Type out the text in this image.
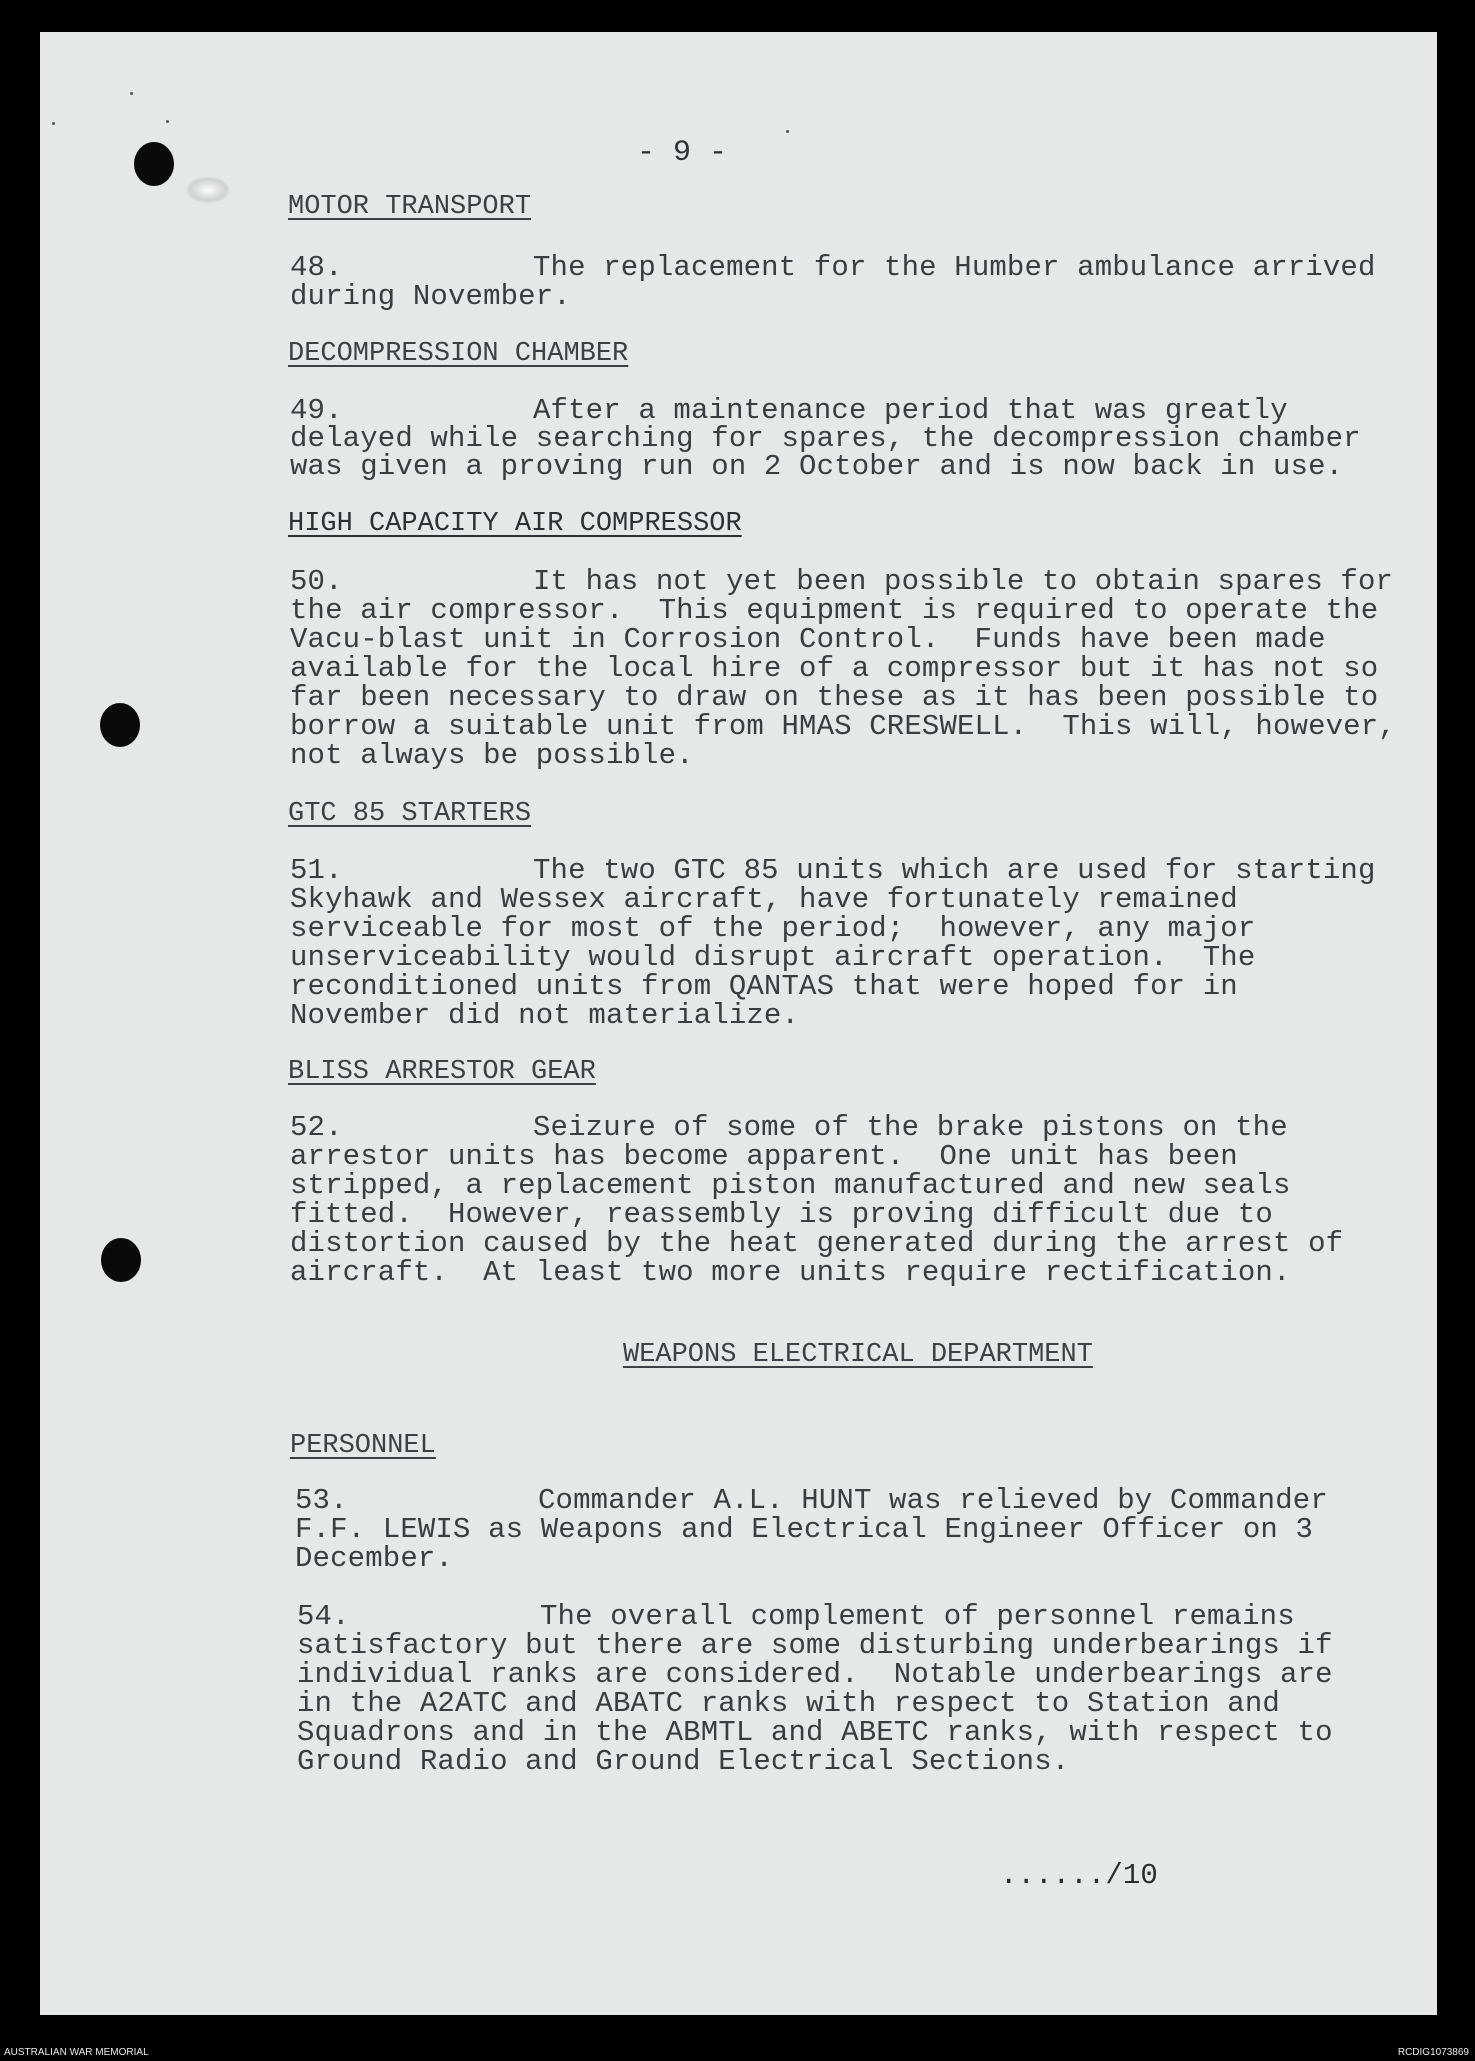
- 9 -
MOTOR TRANSPORT
48.	The replacement for the Humber ambulance arrived
during November.
DECOMPRESSION CHAMBER
49.	After a maintenance period that was greatly
delayed while searching for spares, the decompression chamber
was given a proving run on 2 October and is now back in use.
HIGH CAPACITY AIR COMPRESSOR
50.	It has not yet been possible to obtain spares for
the air compressor.  This equipment is required to operate the
Vacu-blast unit in Corrosion Control.  Funds have been made
available for the local hire of a compressor but it has not so
far been necessary to draw on these as it has been possible to
borrow a suitable unit from HMAS CRESWELL.  This will, however,
not always be possible.
GTC 85 STARTERS
51.	The two GTC 85 units which are used for starting
Skyhawk and Wessex aircraft, have fortunately remained
serviceable for most of the period;  however, any major
unserviceability would disrupt aircraft operation.  The
reconditioned units from QANTAS that were hoped for in
November did not materialize.
BLISS ARRESTOR GEAR
52.	Seizure of some of the brake pistons on the
arrestor units has become apparent.  One unit has been
stripped, a replacement piston manufactured and new seals
fitted.  However, reassembly is proving difficult due to
distortion caused by the heat generated during the arrest of
aircraft.  At least two more units require rectification.
WEAPONS ELECTRICAL DEPARTMENT
PERSONNEL
53.	Commander A.L. HUNT was relieved by Commander
F.F. LEWIS as Weapons and Electrical Engineer Officer on 3
December.
54.	The overall complement of personnel remains
satisfactory but there are some disturbing underbearings if
individual ranks are considered.  Notable underbearings are
in the A2ATC and ABATC ranks with respect to Station and
Squadrons and in the ABMTL and ABETC ranks, with respect to
Ground Radio and Ground Electrical Sections.
....../10
AUSTRALIAN WAR MEMORIAL	RCDIG1073869
